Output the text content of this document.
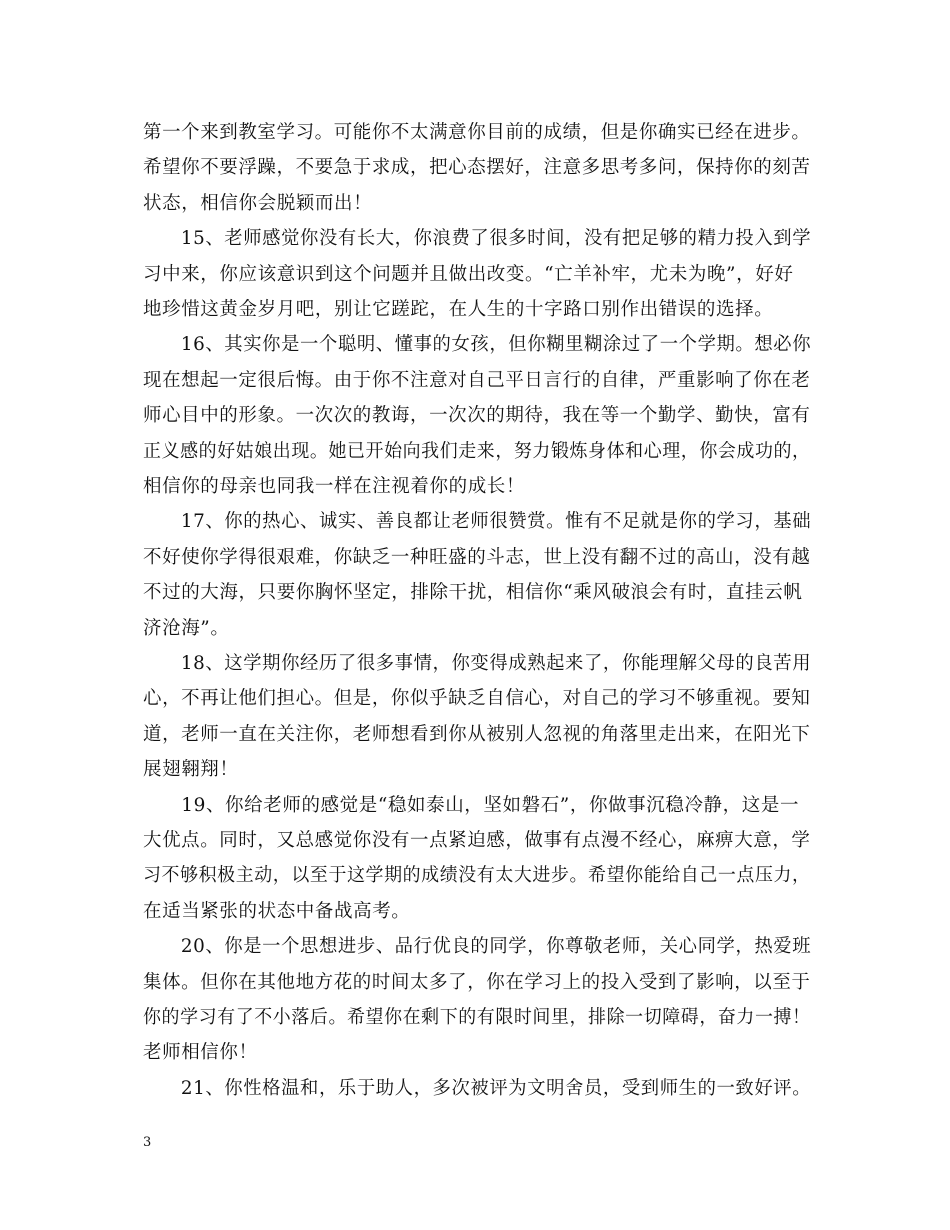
第一个来到教室学习。可能你不太满意你目前的成绩，但是你确实已经在进步。
希望你不要浮躁，不要急于求成，把心态摆好，注意多思考多问，保持你的刻苦
状态，相信你会脱颖而出！
　　15、老师感觉你没有长大，你浪费了很多时间，没有把足够的精力投入到学
习中来，你应该意识到这个问题并且做出改变。“亡羊补牢，尤未为晚”，好好
地珍惜这黄金岁月吧，别让它蹉跎，在人生的十字路口别作出错误的选择。
　　16、其实你是一个聪明、懂事的女孩，但你糊里糊涂过了一个学期。想必你
现在想起一定很后悔。由于你不注意对自己平日言行的自律，严重影响了你在老
师心目中的形象。一次次的教诲，一次次的期待，我在等一个勤学、勤快，富有
正义感的好姑娘出现。她已开始向我们走来，努力锻炼身体和心理，你会成功的，
相信你的母亲也同我一样在注视着你的成长！
　　17、你的热心、诚实、善良都让老师很赞赏。惟有不足就是你的学习，基础
不好使你学得很艰难，你缺乏一种旺盛的斗志，世上没有翻不过的高山，没有越
不过的大海，只要你胸怀坚定，排除干扰，相信你“乘风破浪会有时，直挂云帆
济沧海”。
　　18、这学期你经历了很多事情，你变得成熟起来了，你能理解父母的良苦用
心，不再让他们担心。但是，你似乎缺乏自信心，对自己的学习不够重视。要知
道，老师一直在关注你，老师想看到你从被别人忽视的角落里走出来，在阳光下
展翅翱翔！
　　19、你给老师的感觉是“稳如泰山，坚如磐石”，你做事沉稳冷静，这是一
大优点。同时，又总感觉你没有一点紧迫感，做事有点漫不经心，麻痹大意，学
习不够积极主动，以至于这学期的成绩没有太大进步。希望你能给自己一点压力，
在适当紧张的状态中备战高考。
　　20、你是一个思想进步、品行优良的同学，你尊敬老师，关心同学，热爱班
集体。但你在其他地方花的时间太多了，你在学习上的投入受到了影响，以至于
你的学习有了不小落后。希望你在剩下的有限时间里，排除一切障碍，奋力一搏！
老师相信你！
　　21、你性格温和，乐于助人，多次被评为文明舍员，受到师生的一致好评。
3
